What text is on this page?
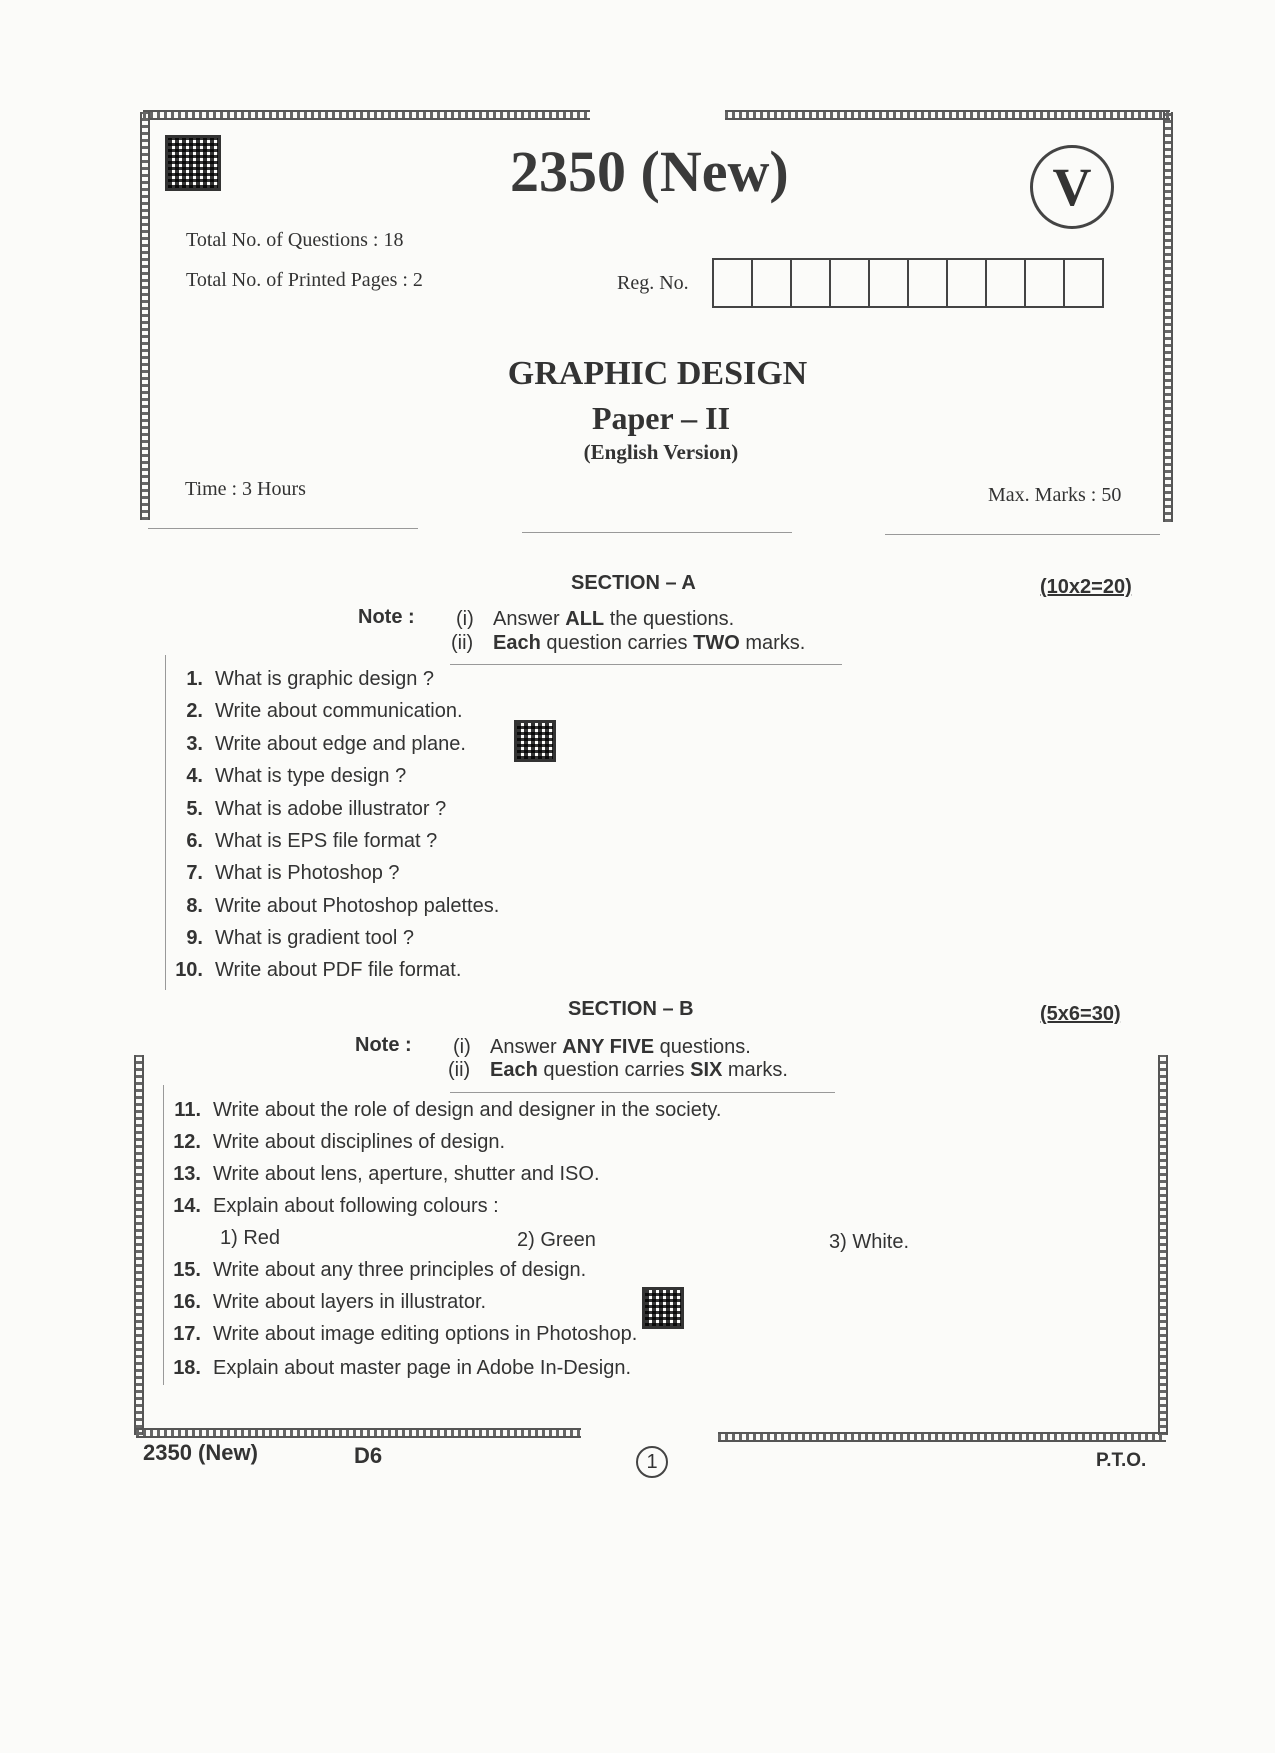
2350 (New)	V
Total No. of Questions : 18
Total No. of Printed Pages : 2	Reg. No.
GRAPHIC DESIGN
Paper – II
(English Version)
Time : 3 Hours	Max. Marks : 50
SECTION – A	(10x2=20)
Note : (i) Answer ALL the questions.
(ii) Each question carries TWO marks.
1. What is graphic design ?
2. Write about communication.
3. Write about edge and plane.
4. What is type design ?
5. What is adobe illustrator ?
6. What is EPS file format ?
7. What is Photoshop ?
8. Write about Photoshop palettes.
9. What is gradient tool ?
10. Write about PDF file format.
SECTION – B	(5x6=30)
Note : (i) Answer ANY FIVE questions.
(ii) Each question carries SIX marks.
11. Write about the role of design and designer in the society.
12. Write about disciplines of design.
13. Write about lens, aperture, shutter and ISO.
14. Explain about following colours :
1) Red	2) Green	3) White.
15. Write about any three principles of design.
16. Write about layers in illustrator.
17. Write about image editing options in Photoshop.
18. Explain about master page in Adobe In-Design.
2350 (New)	D6	1	P.T.O.
